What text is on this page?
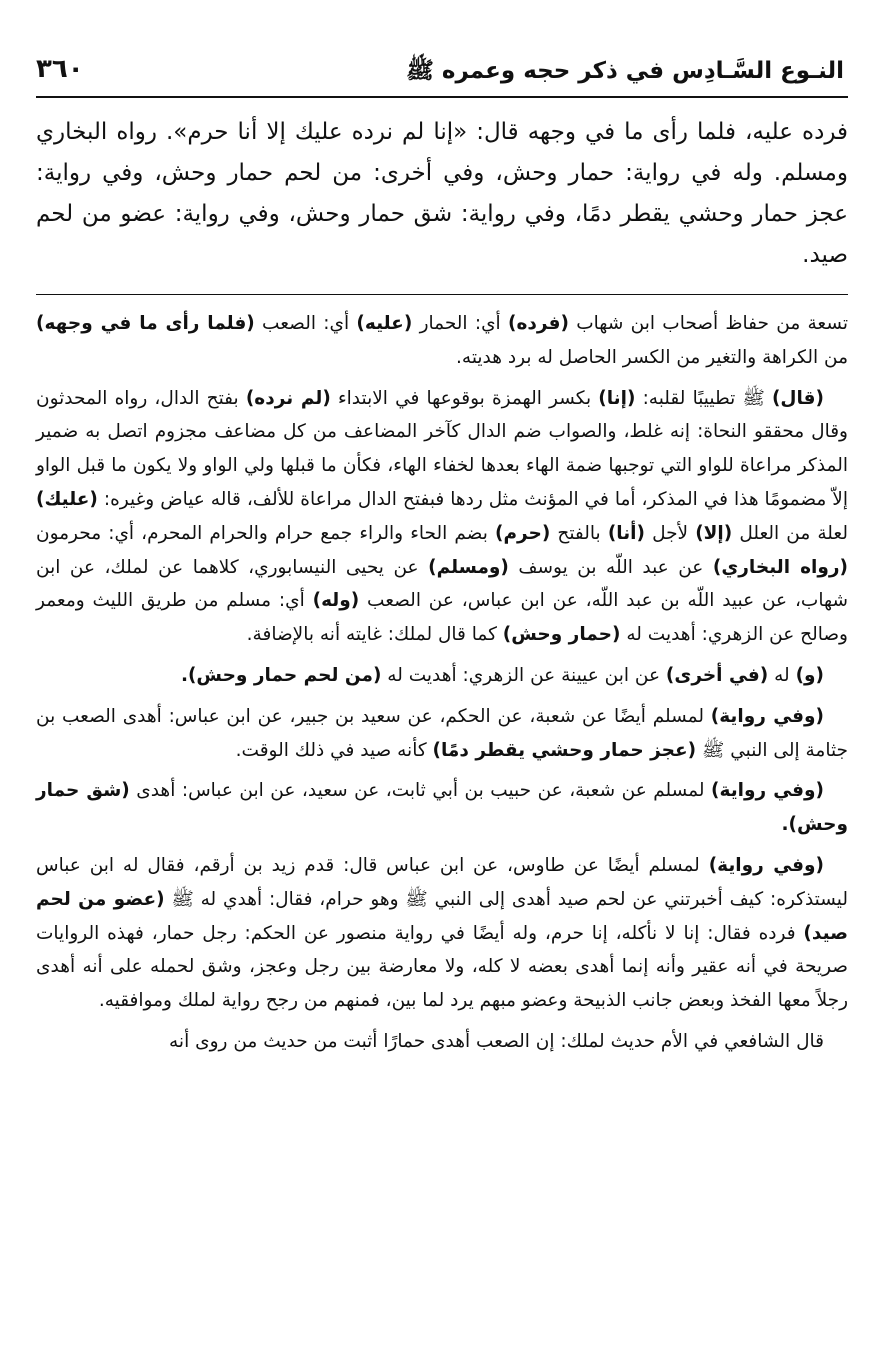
٣٦٠	النـوع السَّـادِس في ذكر حجه وعمره ﷺ

فرده عليه، فلما رأى ما في وجهه قال: «إنا لم نرده عليك إلا أنا حرم». رواه البخاري ومسلم. وله في رواية: حمار وحش، وفي أخرى: من لحم حمار وحش، وفي رواية: عجز حمار وحشي يقطر دمًا، وفي رواية: شق حمار وحش، وفي رواية: عضو من لحم صيد.

تسعة من حفاظ أصحاب ابن شهاب (فرده) أي: الحمار (عليه) أي: الصعب (فلما رأى ما في وجهه) من الكراهة والتغير من الكسر الحاصل له برد هديته.

(قال) ﷺ تطييبًا لقلبه: (إنا) بكسر الهمزة بوقوعها في الابتداء (لم نرده) بفتح الدال، رواه المحدثون وقال محققو النحاة: إنه غلط، والصواب ضم الدال كآخر المضاعف من كل مضاعف مجزوم اتصل به ضمير المذكر مراعاة للواو التي توجبها ضمة الهاء بعدها لخفاء الهاء، فكأن ما قبلها ولي الواو ولا يكون ما قبل الواو إلاّ مضمومًا هذا في المذكر، أما في المؤنث مثل ردها فبفتح الدال مراعاة للألف، قاله عياض وغيره: (عليك) لعلة من العلل (إلا) لأجل (أنا) بالفتح (حرم) بضم الحاء والراء جمع حرام والحرام المحرم، أي: محرمون (رواه البخاري) عن عبد اللّه بن يوسف (ومسلم) عن يحيى النيسابوري، كلاهما عن لملك، عن ابن شهاب، عن عبيد اللّه بن عبد اللّه، عن ابن عباس، عن الصعب (وله) أي: مسلم من طريق الليث ومعمر وصالح عن الزهري: أهديت له (حمار وحش) كما قال لملك: غايته أنه بالإضافة.

(و) له (في أخرى) عن ابن عيينة عن الزهري: أهديت له (من لحم حمار وحش).

(وفي رواية) لمسلم أيضًا عن شعبة، عن الحكم، عن سعيد بن جبير، عن ابن عباس: أهدى الصعب بن جثامة إلى النبي ﷺ (عجز حمار وحشي يقطر دمًا) كأنه صيد في ذلك الوقت.

(وفي رواية) لمسلم عن شعبة، عن حبيب بن أبي ثابت، عن سعيد، عن ابن عباس: أهدى (شق حمار وحش).

(وفي رواية) لمسلم أيضًا عن طاوس، عن ابن عباس قال: قدم زيد بن أرقم، فقال له ابن عباس ليستذكره: كيف أخبرتني عن لحم صيد أهدى إلى النبي ﷺ وهو حرام، فقال: أهدي له ﷺ (عضو من لحم صيد) فرده فقال: إنا لا نأكله، إنا حرم، وله أيضًا في رواية منصور عن الحكم: رجل حمار، فهذه الروايات صريحة في أنه عقير وأنه إنما أهدى بعضه لا كله، ولا معارضة بين رجل وعجز، وشق لحمله على أنه أهدى رجلاً معها الفخذ وبعض جانب الذبيحة وعضو مبهم يرد لما بين، فمنهم من رجح رواية لملك وموافقيه.

قال الشافعي في الأم حديث لملك: إن الصعب أهدى حمارًا أثبت من حديث من روى أنه
